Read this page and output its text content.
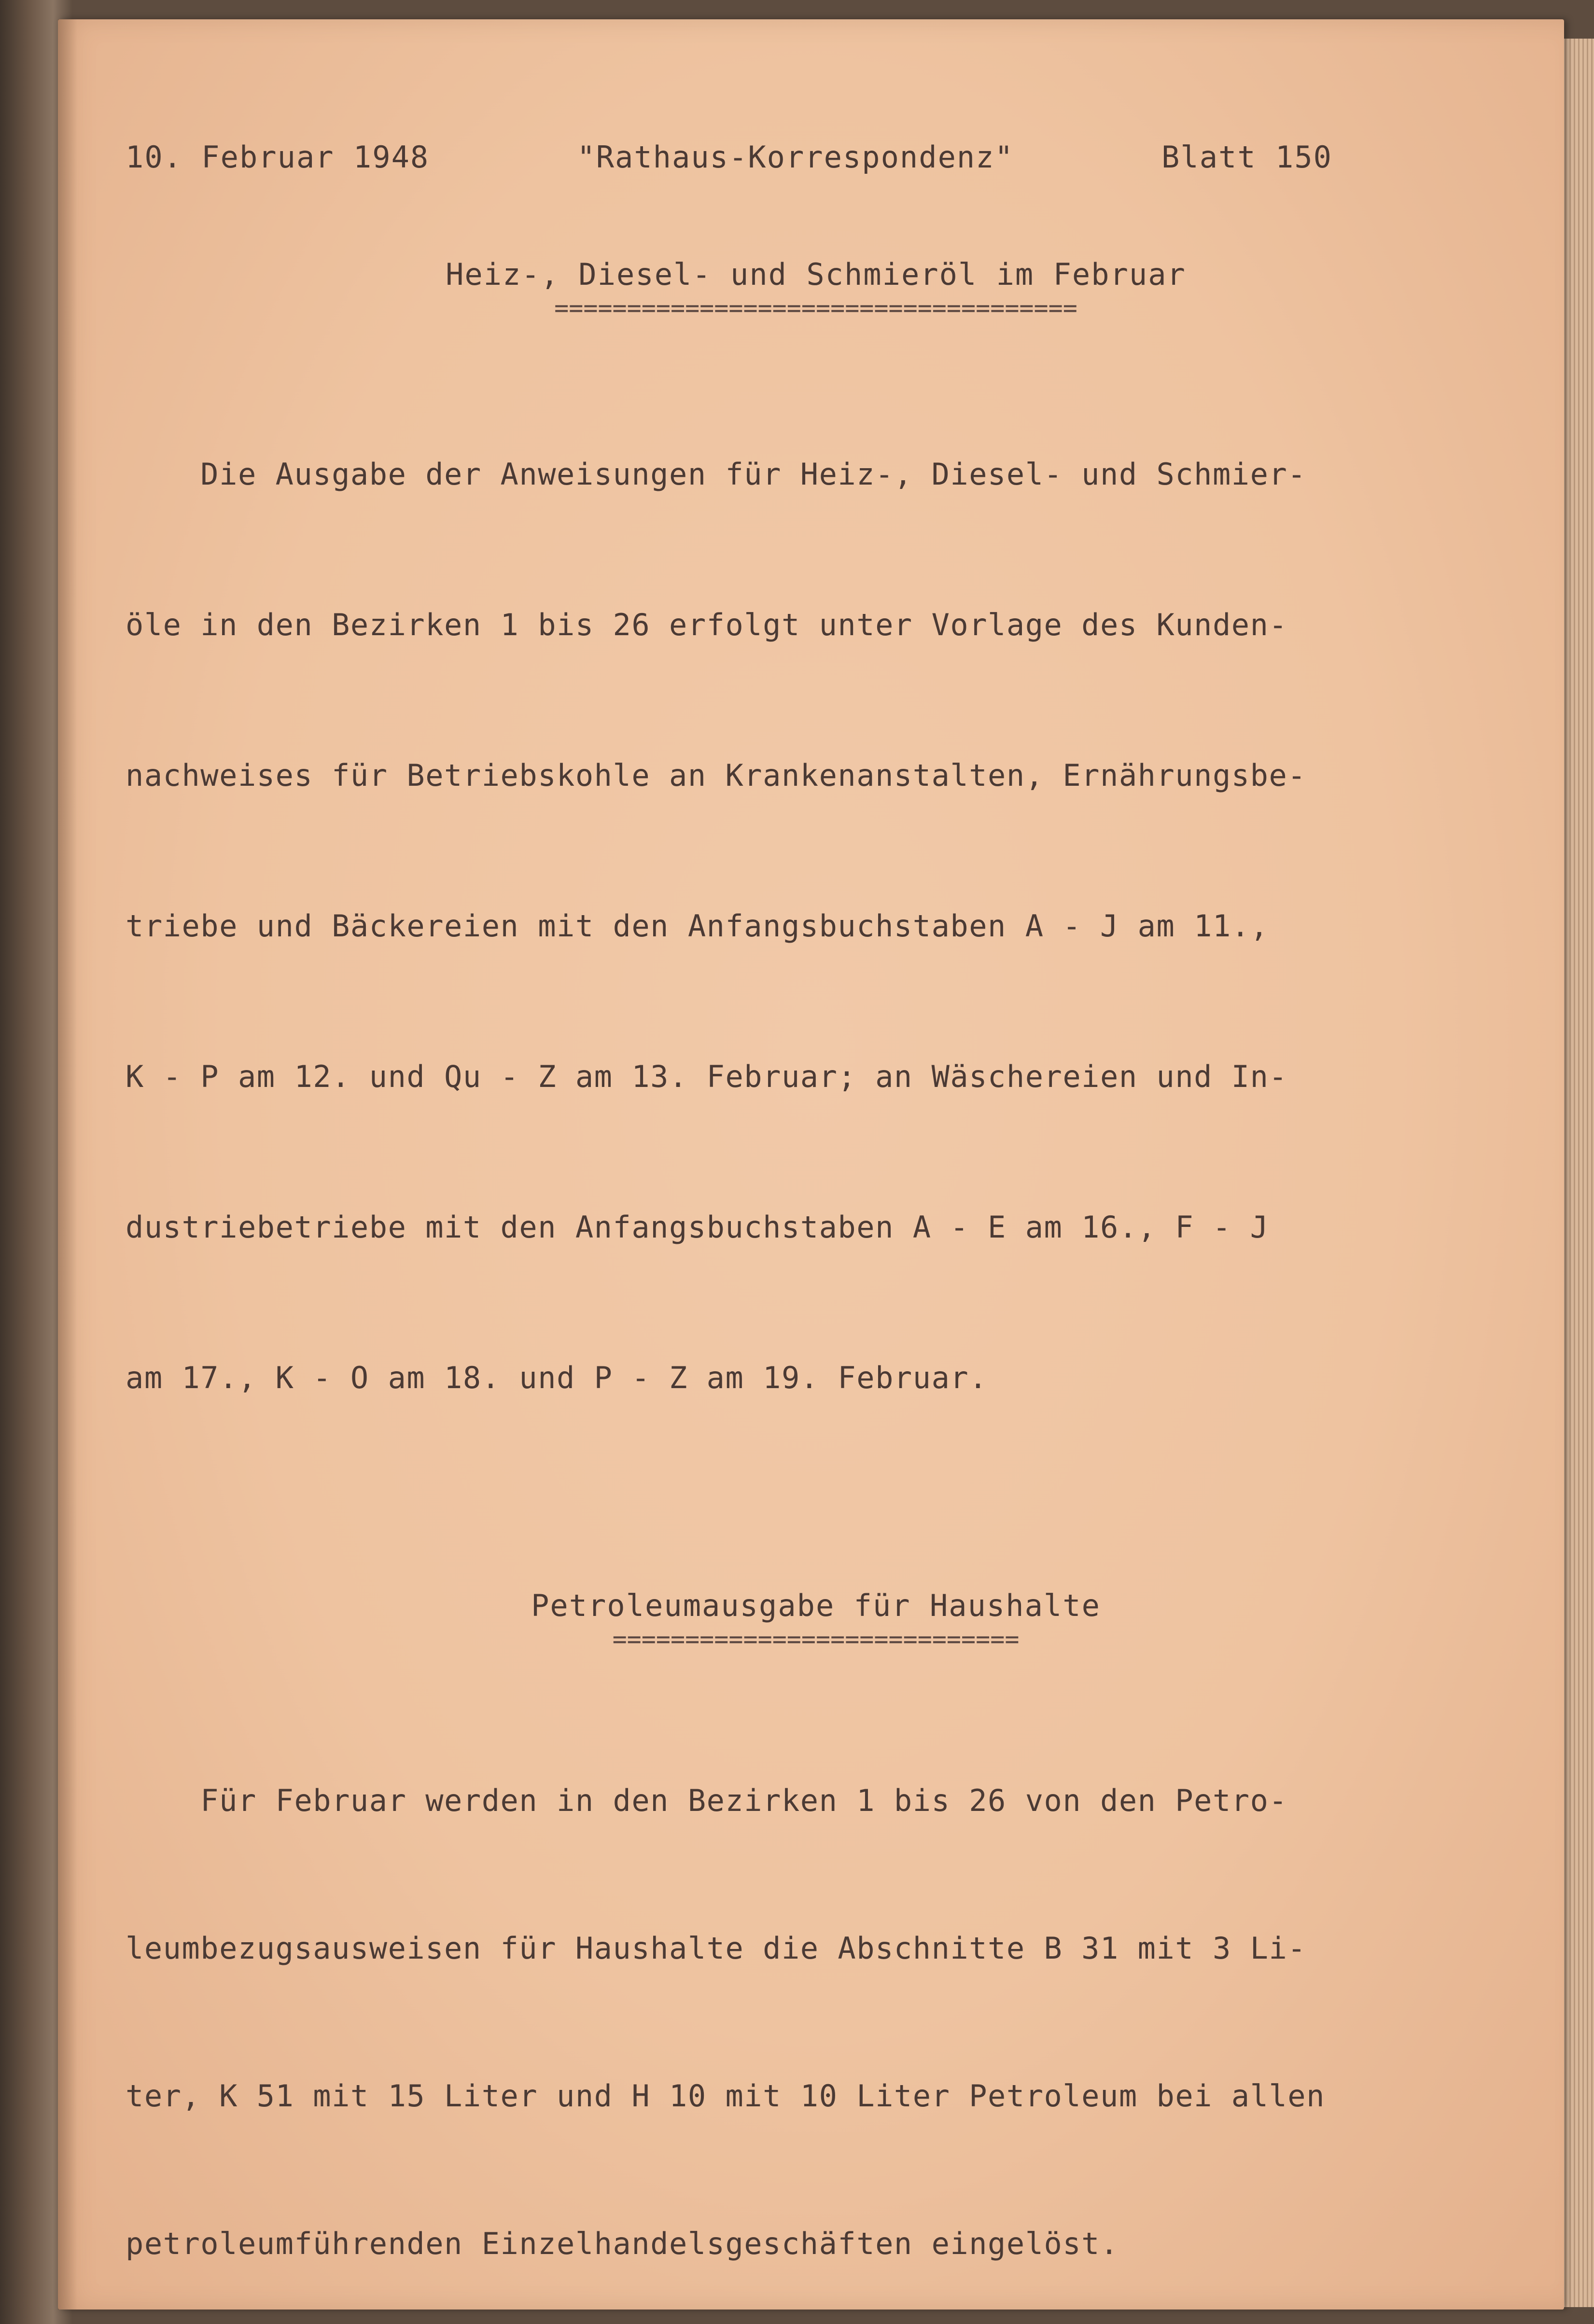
10. Februar 1948	"Rathaus-Korrespondenz"	Blatt 150
Heiz-, Diesel- und Schmieröl im Februar
====================================

Die Ausgabe der Anweisungen für Heiz-, Diesel- und Schmier-

öle in den Bezirken 1 bis 26 erfolgt unter Vorlage des Kunden-

nachweises für Betriebskohle an Krankenanstalten, Ernährungsbe-

triebe und Bäckereien mit den Anfangsbuchstaben A - J am 11.,

K - P am 12. und Qu - Z am 13. Februar; an Wäschereien und In-

dustriebetriebe mit den Anfangsbuchstaben A - E am 16., F - J

am 17., K - O am 18. und P - Z am 19. Februar.

Petroleumausgabe für Haushalte
============================

Für Februar werden in den Bezirken 1 bis 26 von den Petro-

leumbezugsausweisen für Haushalte die Abschnitte B 31 mit 3 Li-

ter, K 51 mit 15 Liter und H 10 mit 10 Liter Petroleum bei allen

petroleumführenden Einzelhandelsgeschäften eingelöst.
